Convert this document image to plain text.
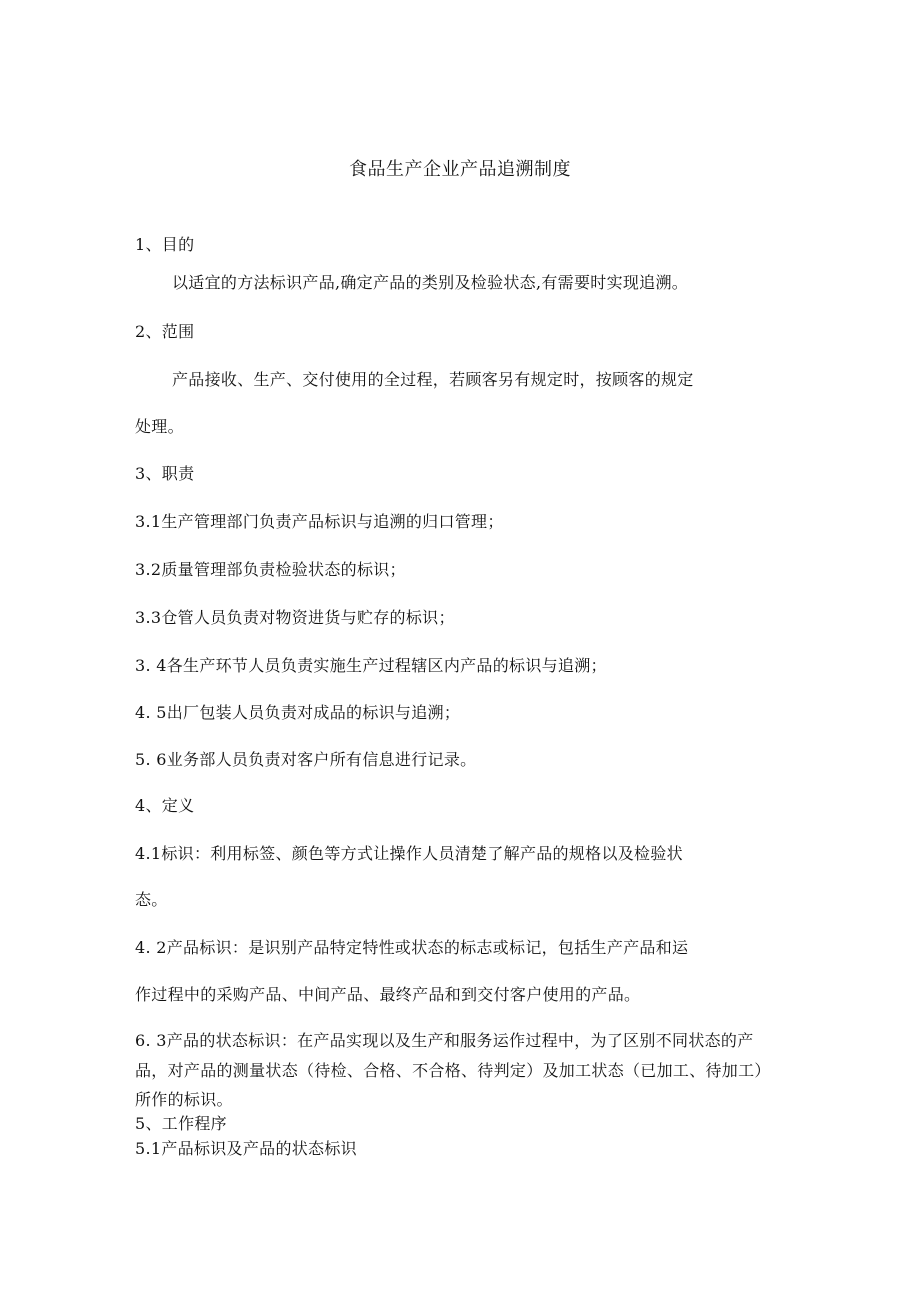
食品生产企业产品追溯制度
1、目的
以适宜的方法标识产品,确定产品的类别及检验状态,有需要时实现追溯。
2、范围
产品接收、生产、交付使用的全过程，若顾客另有规定时，按顾客的规定
处理。
3、职责
3.1生产管理部门负责产品标识与追溯的归口管理；
3.2质量管理部负责检验状态的标识；
3.3仓管人员负责对物资进货与贮存的标识；
3. 4各生产环节人员负责实施生产过程辖区内产品的标识与追溯；
4. 5出厂包装人员负责对成品的标识与追溯；
5. 6业务部人员负责对客户所有信息进行记录。
4、定义
4.1标识：利用标签、颜色等方式让操作人员清楚了解产品的规格以及检验状
态。
4. 2产品标识：是识别产品特定特性或状态的标志或标记，包括生产产品和运
作过程中的采购产品、中间产品、最终产品和到交付客户使用的产品。
6. 3产品的状态标识：在产品实现以及生产和服务运作过程中，为了区别不同状态的产
品，对产品的测量状态（待检、合格、不合格、待判定）及加工状态（已加工、待加工）
所作的标识。
5、工作程序
5.1产品标识及产品的状态标识
